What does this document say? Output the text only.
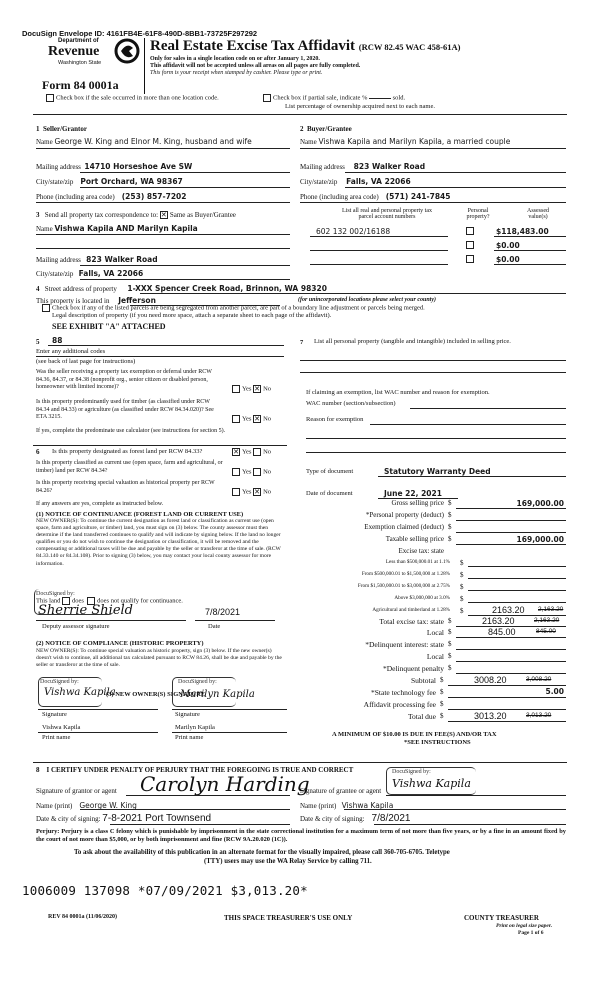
DocuSign Envelope ID: 4161FB4E-61F8-490D-8BB1-73725F297292
Department of
Revenue
Washington State
Real Estate Excise Tax Affidavit (RCW 82.45 WAC 458-61A)
Only for sales in a single location code on or after January 1, 2020.
This affidavit will not be accepted unless all areas on all pages are fully completed.
This form is your receipt when stamped by cashier. Please type or print.
Form 84 0001a
Check box if the sale occurred in more than one location code.	Check box if partial sale, indicate %	sold.
List percentage of ownership acquired next to each name.
1 Seller/Grantor
Name George W. King and Elnor M. King, husband and wife
Mailing address 14710 Horseshoe Ave SW
City/state/zip Port Orchard, WA 98367
Phone (including area code) (253) 857-7202
2 Buyer/Grantee
Name Vishwa Kapila and Marilyn Kapila, a married couple
Mailing address 823 Walker Road
City/state/zip Falls, VA 22066
Phone (including area code) (571) 241-7845
3 Send all property tax correspondence to: ✕ Same as Buyer/Grantee
Name Vishwa Kapila AND Marilyn Kapila
Mailing address 823 Walker Road
City/state/zip Falls, VA 22066
List all real and personal property tax
parcel account numbers
Personal
property?
Assessed
value(s)
602 132 002/16188	$118,483.00
$0.00
$0.00
4 Street address of property 1-XXX Spencer Creek Road, Brinnon, WA 98320
This property is located in Jefferson	(for unincorporated locations please select your county)
Check box if any of the listed parcels are being segregated from another parcel, are part of a boundary line adjustment or parcels being merged.
Legal description of property (if you need more space, attach a separate sheet to each page of the affidavit).
SEE EXHIBIT "A" ATTACHED
5 88
Enter any additional codes
(see back of last page for instructions)
Was the seller receiving a property tax exemption or deferral under RCW 84.36, 84.37, or 84.38 (nonprofit org., senior citizen or disabled person, homeowner with limited income)?	Yes ✕ No
Is this property predominantly used for timber (as classified under RCW 84.34 and 84.33) or agriculture (as classified under RCW 84.34.020)? See ETA 3215.	Yes ✕ No
If yes, complete the predominate use calculator (see instructions for section 5).
6 Is this property designated as forest land per RCW 84.33?	✕ Yes No
Is this property classified as current use (open space, farm and agricultural, or timber) land per RCW 84.34?	Yes No
Is this property receiving special valuation as historical property per RCW 84.26?	Yes ✕ No
If any answers are yes, complete as instructed below.
(1) NOTICE OF CONTINUANCE (FOREST LAND OR CURRENT USE)
NEW OWNER(S): To continue the current designation as forest land or classification as current use (open space, farm and agriculture, or timber) land, you must sign on (3) below. The county assessor must then determine if the land transferred continues to qualify and will indicate by signing below. If the land no longer qualifies or you do not wish to continue the designation or classification, it will be removed and the compensating or additional taxes will be due and payable by the seller or transferor at the time of sale. (RCW 84.33.140 or 84.34.108). Prior to signing (3) below, you may contact your local county assessor for more information.
DocuSigned by:
This land does does not qualify for continuance.
Sherrie Shield	7/8/2021
Deputy assessor signature	Date
(2) NOTICE OF COMPLIANCE (HISTORIC PROPERTY)
NEW OWNER(S): To continue special valuation as historic property, sign (3) below. If the new owner(s) doesn't wish to continue, all additional tax calculated pursuant to RCW 84.26, shall be due and payable by the seller or transferor at the time of sale.
DocuSigned by:
Vishwa Kapila
(3) NEW OWNER(S) SIGNATURE
DocuSigned by:
Marilyn Kapila
Signature	Signature
Vishwa Kapila	Marilyn Kapila
Print name	Print name
7	List all personal property (tangible and intangible) included in selling price.
If claiming an exemption, list WAC number and reason for exemption.
WAC number (section/subsection)
Reason for exemption
Type of document	Statutory Warranty Deed
Date of document	June 22, 2021
Gross selling price $	169,000.00
*Personal property (deduct) $
Exemption claimed (deduct) $
Taxable selling price $	169,000.00
Excise tax: state
Less than $500,000.01 at 1.1% $
From $500,000.01 to $1,500,000 at 1.28% $
From $1,500,000.01 to $3,000,000 at 2.75% $
Above $3,000,000 at 3.0% $
Agricultural and timberland at 1.28% $	2163.20 2,163.20
Total excise tax: state $	2163.20	2,163.20
Local $	845.00	845.00
*Delinquent interest: state $
Local $
*Delinquent penalty $
Subtotal $	3008.20	3,008.20
*State technology fee $	5.00
Affidavit processing fee $
Total due $	3013.20	3,013.20
A MINIMUM OF $10.00 IS DUE IN FEE(S) AND/OR TAX
*SEE INSTRUCTIONS
8 I CERTIFY UNDER PENALTY OF PERJURY THAT THE FOREGOING IS TRUE AND CORRECT
Signature of grantor or agent Carolyn Harding
Name (print) George W. King
Date & city of signing: 7-8-2021 Port Townsend
DocuSigned by:
Vishwa Kapila
Signature of grantee or agent
Name (print) Vishwa Kapila
Date & city of signing: 7/8/2021
Perjury: Perjury is a class C felony which is punishable by imprisonment in the state correctional institution for a maximum term of not more than five years, or by a fine in an amount fixed by the court of not more than $5,000, or by both imprisonment and fine (RCW 9A.20.020 (1C)).
To ask about the availability of this publication in an alternate format for the visually impaired, please call 360-705-6705. Teletype
(TTY) users may use the WA Relay Service by calling 711.
1006009 137098 *07/09/2021 $3,013.20*
REV 84 0001a (11/06/2020)	THIS SPACE TREASURER'S USE ONLY	COUNTY TREASURER
Print on legal size paper.
Page 1 of 6
